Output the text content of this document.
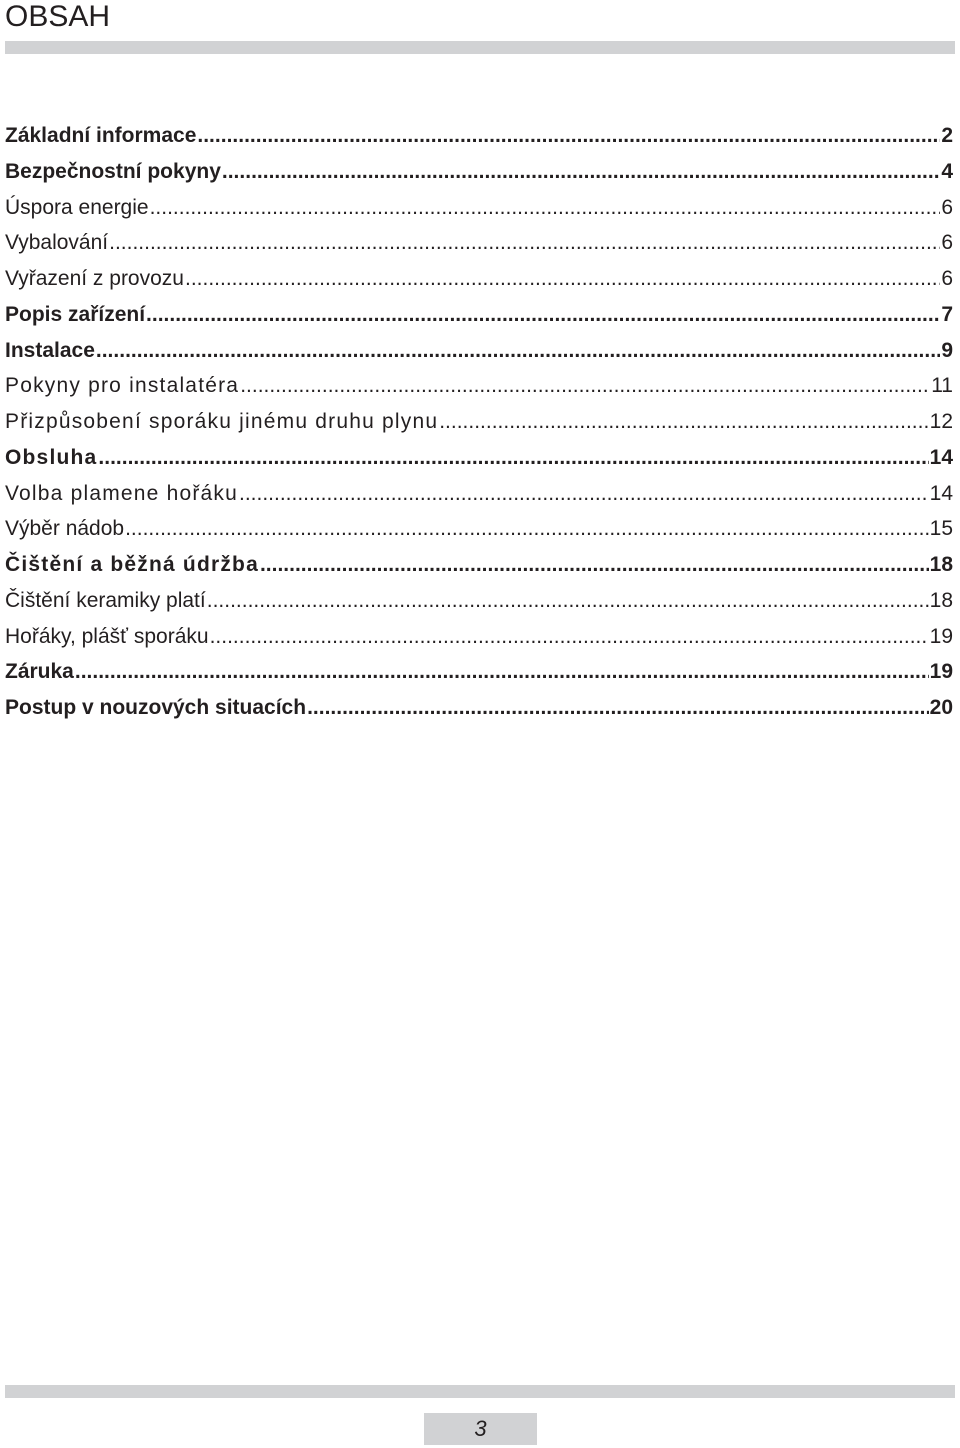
OBSAH
Základní informace .....	2
Bezpečnostní pokyny .....	4
Úspora energie .....	6
Vybalování .....	6
Vyřazení z provozu .....	6
Popis zařízení .....	7
Instalace .....	9
Pokyny pro instalatéra .....	11
Přizpůsobení sporáku jinému druhu plynu .....	12
Obsluha .....	14
Volba plamene hořáku .....	14
Výběr nádob .....	15
Čištění a běžná údržba .....	18
Čištění keramiky platí .....	18
Hořáky, plášť sporáku .....	19
Záruka .....	19
Postup v nouzových situacích .....	20
3
